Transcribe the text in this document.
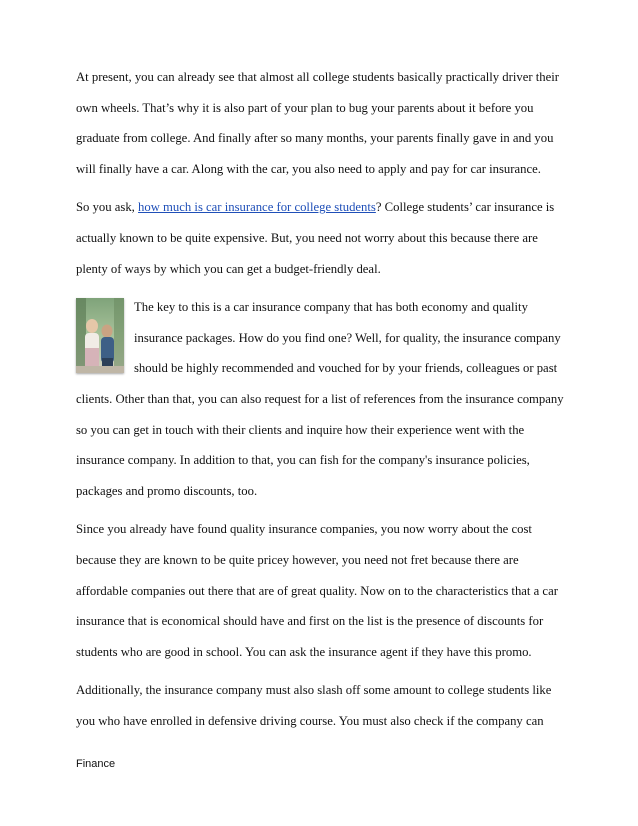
At present, you can already see that almost all college students basically practically driver their own wheels. That’s why it is also part of your plan to bug your parents about it before you graduate from college. And finally after so many months, your parents finally gave in and you will finally have a car. Along with the car, you also need to apply and pay for car insurance.

So you ask, how much is car insurance for college students? College students’ car insurance is actually known to be quite expensive. But, you need not worry about this because there are plenty of ways by which you can get a budget-friendly deal.

The key to this is a car insurance company that has both economy and quality
insurance packages. How do you find one? Well, for quality, the insurance company
should be highly recommended and vouched for by your friends, colleagues or past
clients. Other than that, you can also request for a list of references from the insurance company so you can get in touch with their clients and inquire how their experience went with the insurance company. In addition to that, you can fish for the company's insurance policies, packages and promo discounts, too.

Since you already have found quality insurance companies, you now worry about the cost because they are known to be quite pricey however, you need not fret because there are affordable companies out there that are of great quality. Now on to the characteristics that a car insurance that is economical should have and first on the list is the presence of discounts for students who are good in school. You can ask the insurance agent if they have this promo.

Additionally, the insurance company must also slash off some amount to college students like you who have enrolled in defensive driving course. You must also check if the company can

Finance
